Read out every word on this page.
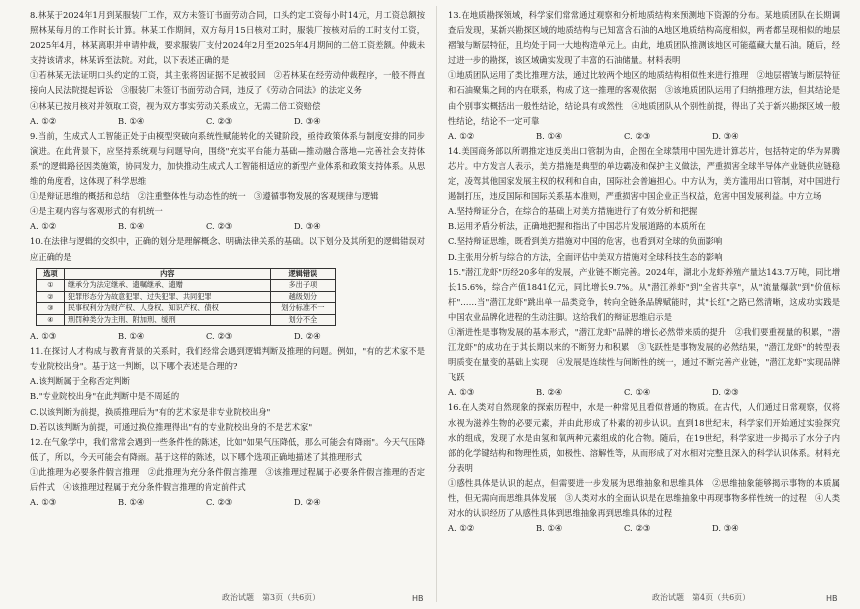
8.林某于2024年1月到某服装厂工作，双方未签订书面劳动合同，口头约定工资每小时14元，月工资总额按照林某每月的工作时长计算。林某工作期间，双方每月15日核对工时，服装厂按核对后的工时支付工资，2025年4月，林某离职并申请仲裁，要求服装厂支付2024年2月至2025年4月期间的二倍工资差额。仲裁未支持该请求，林某诉至法院。对此，以下表述正确的是

①若林某无法证明口头约定的工资，其主张将因证据不足被驳回　②若林某在经劳动仲裁程序，一般不得直接向人民法院提起诉讼　③服装厂未签订书面劳动合同，违反了《劳动合同法》的法定义务

④林某已按月核对并领取工资，视为双方事实劳动关系成立，无需二倍工资赔偿

A. ①②	B. ①④	C. ②③	D. ③④

9.当前，生成式人工智能正处于由模型突破向系统性赋能转化的关键阶段，亟待政策体系与制度安排的同步演进。在此背景下，应坚持系统观与问题导向，围绕"充实平台能力基础—推动融合落地—完善社会支持体系"的逻辑路径因类施策，协同发力，加快推动生成式人工智能相适应的新型产业体系和政策支持体系。从思维的角度看，这体现了科学思维

①是辩证思维的概括和总结　②注重整体性与动态性的统一　③遵循事物发展的客观规律与逻辑

④是主观内容与客观形式的有机统一

A. ①②	B. ①④	C. ②③	D. ③④

10.在法律与逻辑的交织中，正确的划分是理解概念、明确法律关系的基础。以下划分及其所犯的逻辑错误对应正确的是

选项	内容	逻辑错误
①	继承分为法定继承、遗嘱继承、遗赠	多出子项
②	犯罪形态分为故意犯罪、过失犯罪、共同犯罪	越级划分
③	民事权利分为财产权、人身权、知识产权、债权	划分标准不一
④	刑罚种类分为主刑、附加刑、缓刑	划分不全
A. ①③	B. ①④	C. ②③	D. ②④

11.在探讨人才构成与教育背景的关系时，我们经常会遇到逻辑判断及推理的问题。例如，"有的艺术家不是专业院校出身"。基于这一判断，以下哪个表述是合理的?

A.该判断属于全称否定判断

B."专业院校出身"在此判断中是不周延的

C.以该判断为前提，换质推理后为"有的艺术家是非专业院校出身"

D.若以该判断为前提，可通过换位推理得出"有的专业院校出身的不是艺术家"

12.在气象学中，我们常常会遇到一些条件性的陈述，比如"如果气压降低，那么可能会有降雨"。今天气压降低了，所以，今天可能会有降雨。基于这样的陈述，以下哪个选项正确地描述了其推理形式

①此推理为必要条件假言推理　②此推理为充分条件假言推理　③该推理过程属于必要条件假言推理的否定后件式　④该推理过程属于充分条件假言推理的肯定前件式

A. ①③	B. ①④	C. ②③	D. ②④

13.在地质勘探领域，科学家们常常通过观察和分析地质结构来预测地下资源的分布。某地质团队在长期调查后发现，某新兴勘探区域的地质结构与已知富含石油的A地区地质结构高度相似，两者都呈现相似的地层褶皱与断层特征，且均处于同一大地构造单元上。由此，地质团队推测该地区可能蕴藏大量石油。随后，经过进一步的勘探，该区域确实发现了丰富的石油储量。材料表明

①地质团队运用了类比推理方法，通过比较两个地区的地质结构相似性来进行推理　②地层褶皱与断层特征和石油聚集之间的内在联系，构成了这一推理的客观依据　③该地质团队运用了归纳推理方法，但其结论是由个别事实概括出一般性结论，结论具有或然性　④地质团队从个别性前提，得出了关于新兴勘探区域一般性结论，结论不一定可靠

A. ①②	B. ①④	C. ②③	D. ③④

14.美国商务部以所谓推定违反美出口管制为由，企图在全球禁用中国先进计算芯片，包括特定的华为昇腾芯片。中方发言人表示，美方措施是典型的单边霸凌和保护主义做法，严重损害全球半导体产业链供应链稳定，凌驾其他国家发展主权的权利和自由，国际社会普遍担心。中方认为，美方滥用出口管制，对中国进行遏制打压，违反国际和国际关系基本准则，严重损害中国企业正当权益，危害中国发展利益。中方立场

A.坚持辩证分合，在综合的基础上对美方措施进行了有效分析和把握

B.运用矛盾分析法，正确地把握和指出了中国芯片发展道路的本质所在

C.坚持辩证思维，既看到美方措施对中国的危害，也看到对全球的负面影响

D.主张用分析与综合的方法，全面评估中美双方措施对全球科技生态的影响

15."潜江龙虾"历经20多年的发展，产业链不断完善。2024年，湖北小龙虾养殖产量达143.7万吨，同比增长15.6%，综合产值1841亿元，同比增长9.7%。从"潜江养虾"到"全省共享"，从"流量爆款"到"价值标杆"……当"潜江龙虾"跳出单一品类竞争，转向全链条品牌赋能时，其"长红"之路已然清晰，这成功实践是中国农业品牌化进程的生动注脚。这给我们的辩证思维启示是

①渐进性是事物发展的基本形式，"潜江龙虾"品牌的增长必然带来质的提升　②我们要重视量的积累，"潜江龙虾"的成功在于其长期以来的不断努力和积累　③飞跃性是事物发展的必然结果，"潜江龙虾"的转型表明质变在量变的基础上实现　④发展是连续性与间断性的统一，通过不断完善产业链，"潜江龙虾"实现品牌飞跃

A. ①③	B. ②④	C. ①④	D. ②③

16.在人类对自然现象的探索历程中，水是一种常见且看似普通的物质。在古代，人们通过日常观察，仅将水视为滋养生物的必要元素，并由此形成了朴素的初步认识。直到18世纪末，科学家们开始通过实验探究水的组成，发现了水是由氢和氧两种元素组成的化合物。随后，在19世纪，科学家进一步揭示了水分子内部的化学键结构和物理性质，如极性、溶解性等，从而形成了对水相对完整且深入的科学认识体系。材料充分表明

①感性具体是认识的起点，但需要进一步发展为思维抽象和思维具体　②思维抽象能够揭示事物的本质属性，但无需向而思维具体发展　③人类对水的全面认识是在思维抽象中再现事物多样性统一的过程　④人类对水的认识经历了从感性具体到思维抽象再到思维具体的过程

A. ①②	B. ①④	C. ②③	D. ③④
政治试题　第3页（共6页）	HB	政治试题　第4页（共6页）	HB
